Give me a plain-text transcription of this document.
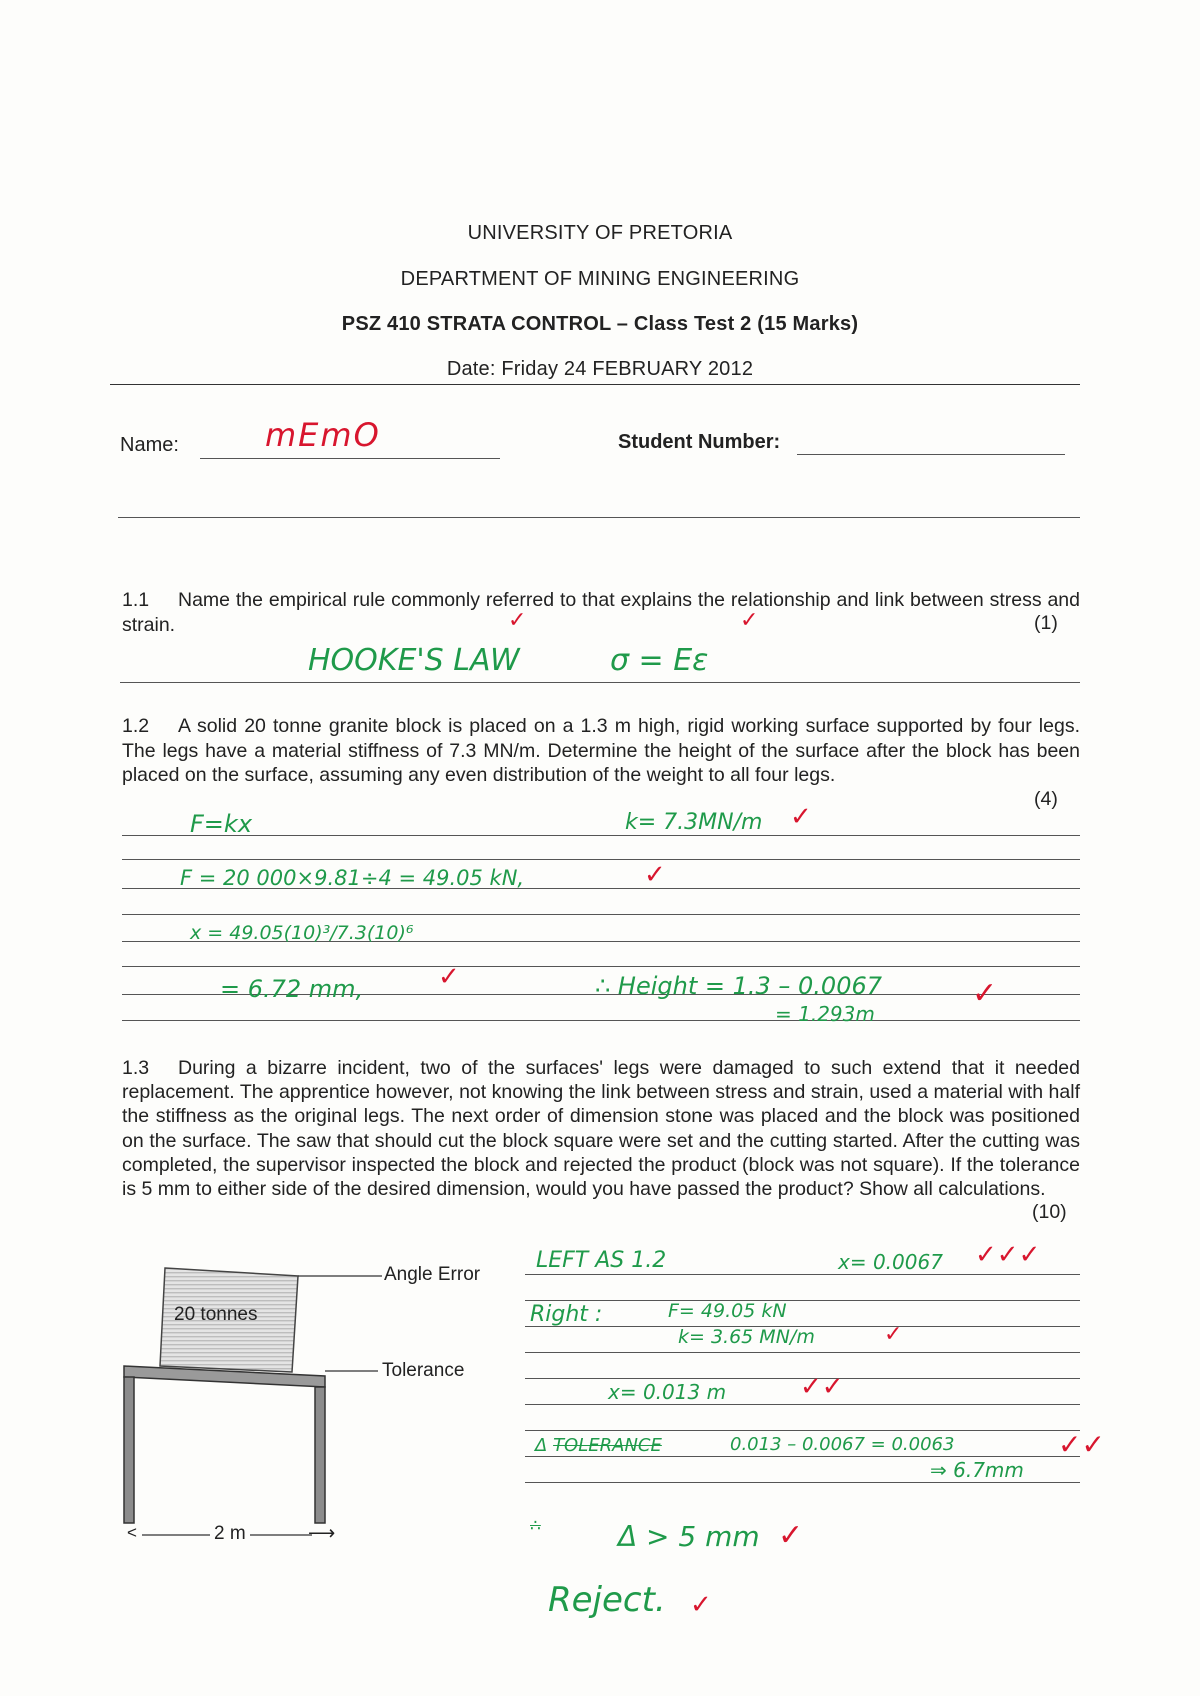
UNIVERSITY OF PRETORIA
DEPARTMENT OF MINING ENGINEERING
PSZ 410 STRATA CONTROL – Class Test 2 (15 Marks)
Date: Friday 24 FEBRUARY 2012
Name:	mEmO	Student Number:
1.1 Name the empirical rule commonly referred to that explains the relationship and link between stress and strain.	(1)
✓	✓
HOOKE'S LAW	σ = Eε
1.2 A solid 20 tonne granite block is placed on a 1.3 m high, rigid working surface supported by four legs. The legs have a material stiffness of 7.3 MN/m. Determine the height of the surface after the block has been placed on the surface, assuming any even distribution of the weight to all four legs.
(4)
F=kx	k= 7.3MN/m ✓
F = 20 000×9.81÷4 = 49.05 kN,	✓
x = 49.05(10)³/7.3(10)⁶
= 6.72 mm,	✓	∴ Height = 1.3 – 0.0067
= 1.293m
✓
1.3 During a bizarre incident, two of the surfaces' legs were damaged to such extend that it needed replacement. The apprentice however, not knowing the link between stress and strain, used a material with half the stiffness as the original legs. The next order of dimension stone was placed and the block was positioned on the surface. The saw that should cut the block square were set and the cutting started. After the cutting was completed, the supervisor inspected the block and rejected the product (block was not square). If the tolerance is 5 mm to either side of the desired dimension, would you have passed the product? Show all calculations.
(10)
20 tonnes
Angle Error
Tolerance
<	2 m	⟶
LEFT AS 1.2	x= 0.0067 ✓✓✓
Right :	F= 49.05 kN
k= 3.65 MN/m	✓
x= 0.013 m	✓✓
Δ TOLERANCE	0.013 – 0.0067 = 0.0063	✓✓
⇒ 6.7mm
∴	Δ > 5 mm ✓
Reject. ✓
